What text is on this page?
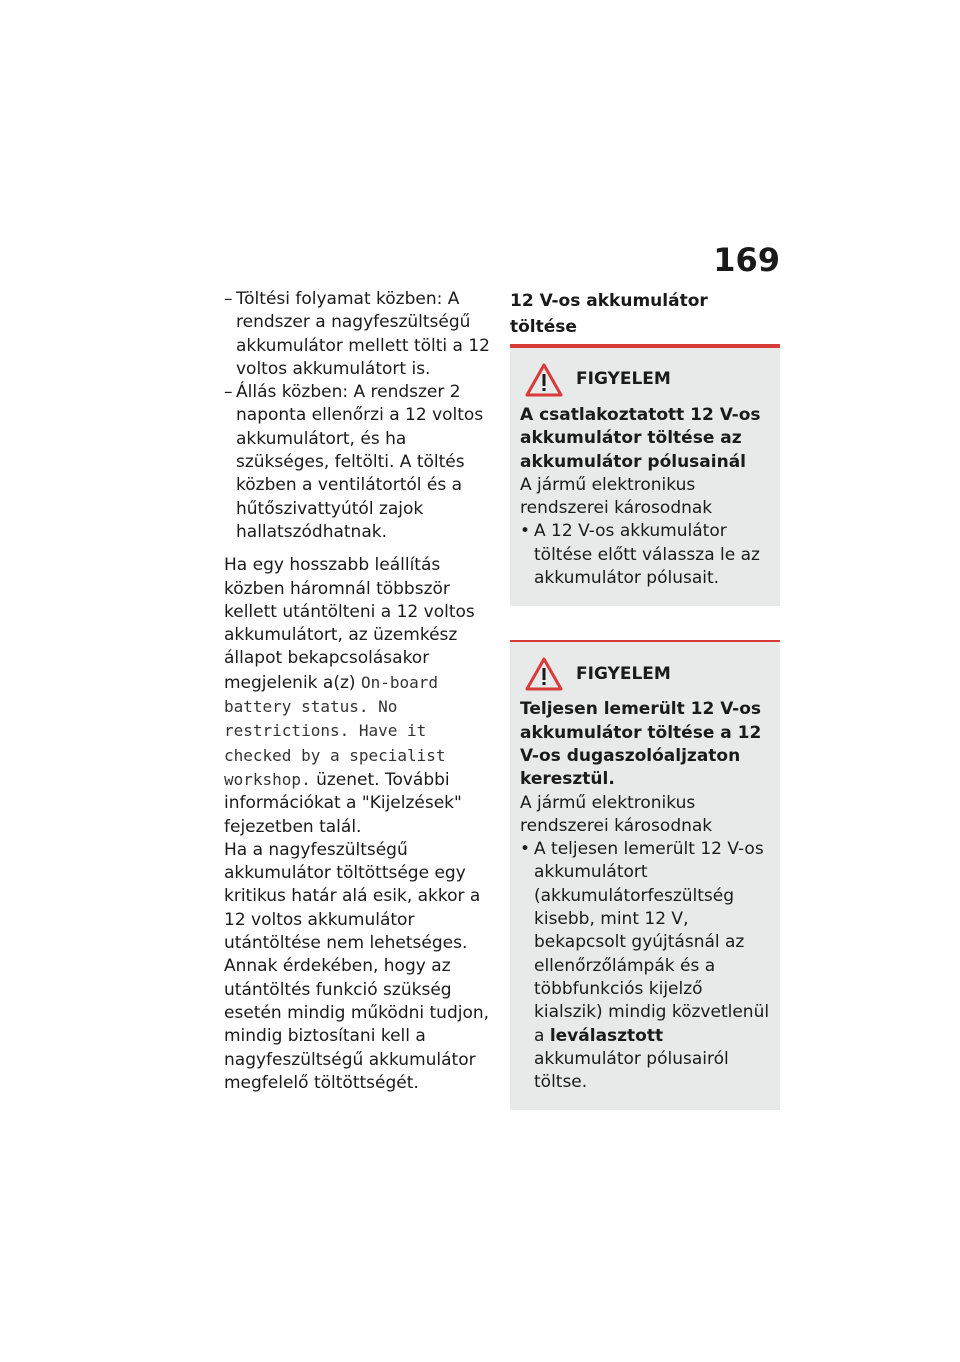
169
– Töltési folyamat közben: A rendszer a nagyfeszültségű akkumulátor mellett tölti a 12 voltos akkumulátort is.
– Állás közben: A rendszer 2 naponta ellenőrzi a 12 voltos akkumulátort, és ha szükséges, feltölti. A töltés közben a ventilátortól és a hűtőszivattyútól zajok hallatszódhatnak.
Ha egy hosszabb leállítás közben háromnál többször kellett utántölteni a 12 voltos akkumulátort, az üzemkész állapot bekapcsolásakor megjelenik a(z) On-board battery status. No restrictions. Have it checked by a specialist workshop. üzenet. További információkat a "Kijelzések" fejezetben talál.
Ha a nagyfeszültségű akkumulátor töltöttsége egy kritikus határ alá esik, akkor a 12 voltos akkumulátor utántöltése nem lehetséges. Annak érdekében, hogy az utántöltés funkció szükség esetén mindig működni tudjon, mindig biztosítani kell a nagyfeszültségű akkumulátor megfelelő töltöttségét.
12 V-os akkumulátor töltése
FIGYELEM
A csatlakoztatott 12 V-os akkumulátor töltése az akkumulátor pólusainál
A jármű elektronikus rendszerei károsodnak
• A 12 V-os akkumulátor töltése előtt válassza le az akkumulátor pólusait.
FIGYELEM
Teljesen lemerült 12 V-os akkumulátor töltése a 12 V-os dugaszolóaljzaton keresztül.
A jármű elektronikus rendszerei károsodnak
• A teljesen lemerült 12 V-os akkumulátort (akkumulátorfeszültség kisebb, mint 12 V, bekapcsolt gyújtásnál az ellenőrzőlámpák és a többfunkciós kijelző kialszik) mindig közvetlenül a leválasztott akkumulátor pólusairól töltse.
